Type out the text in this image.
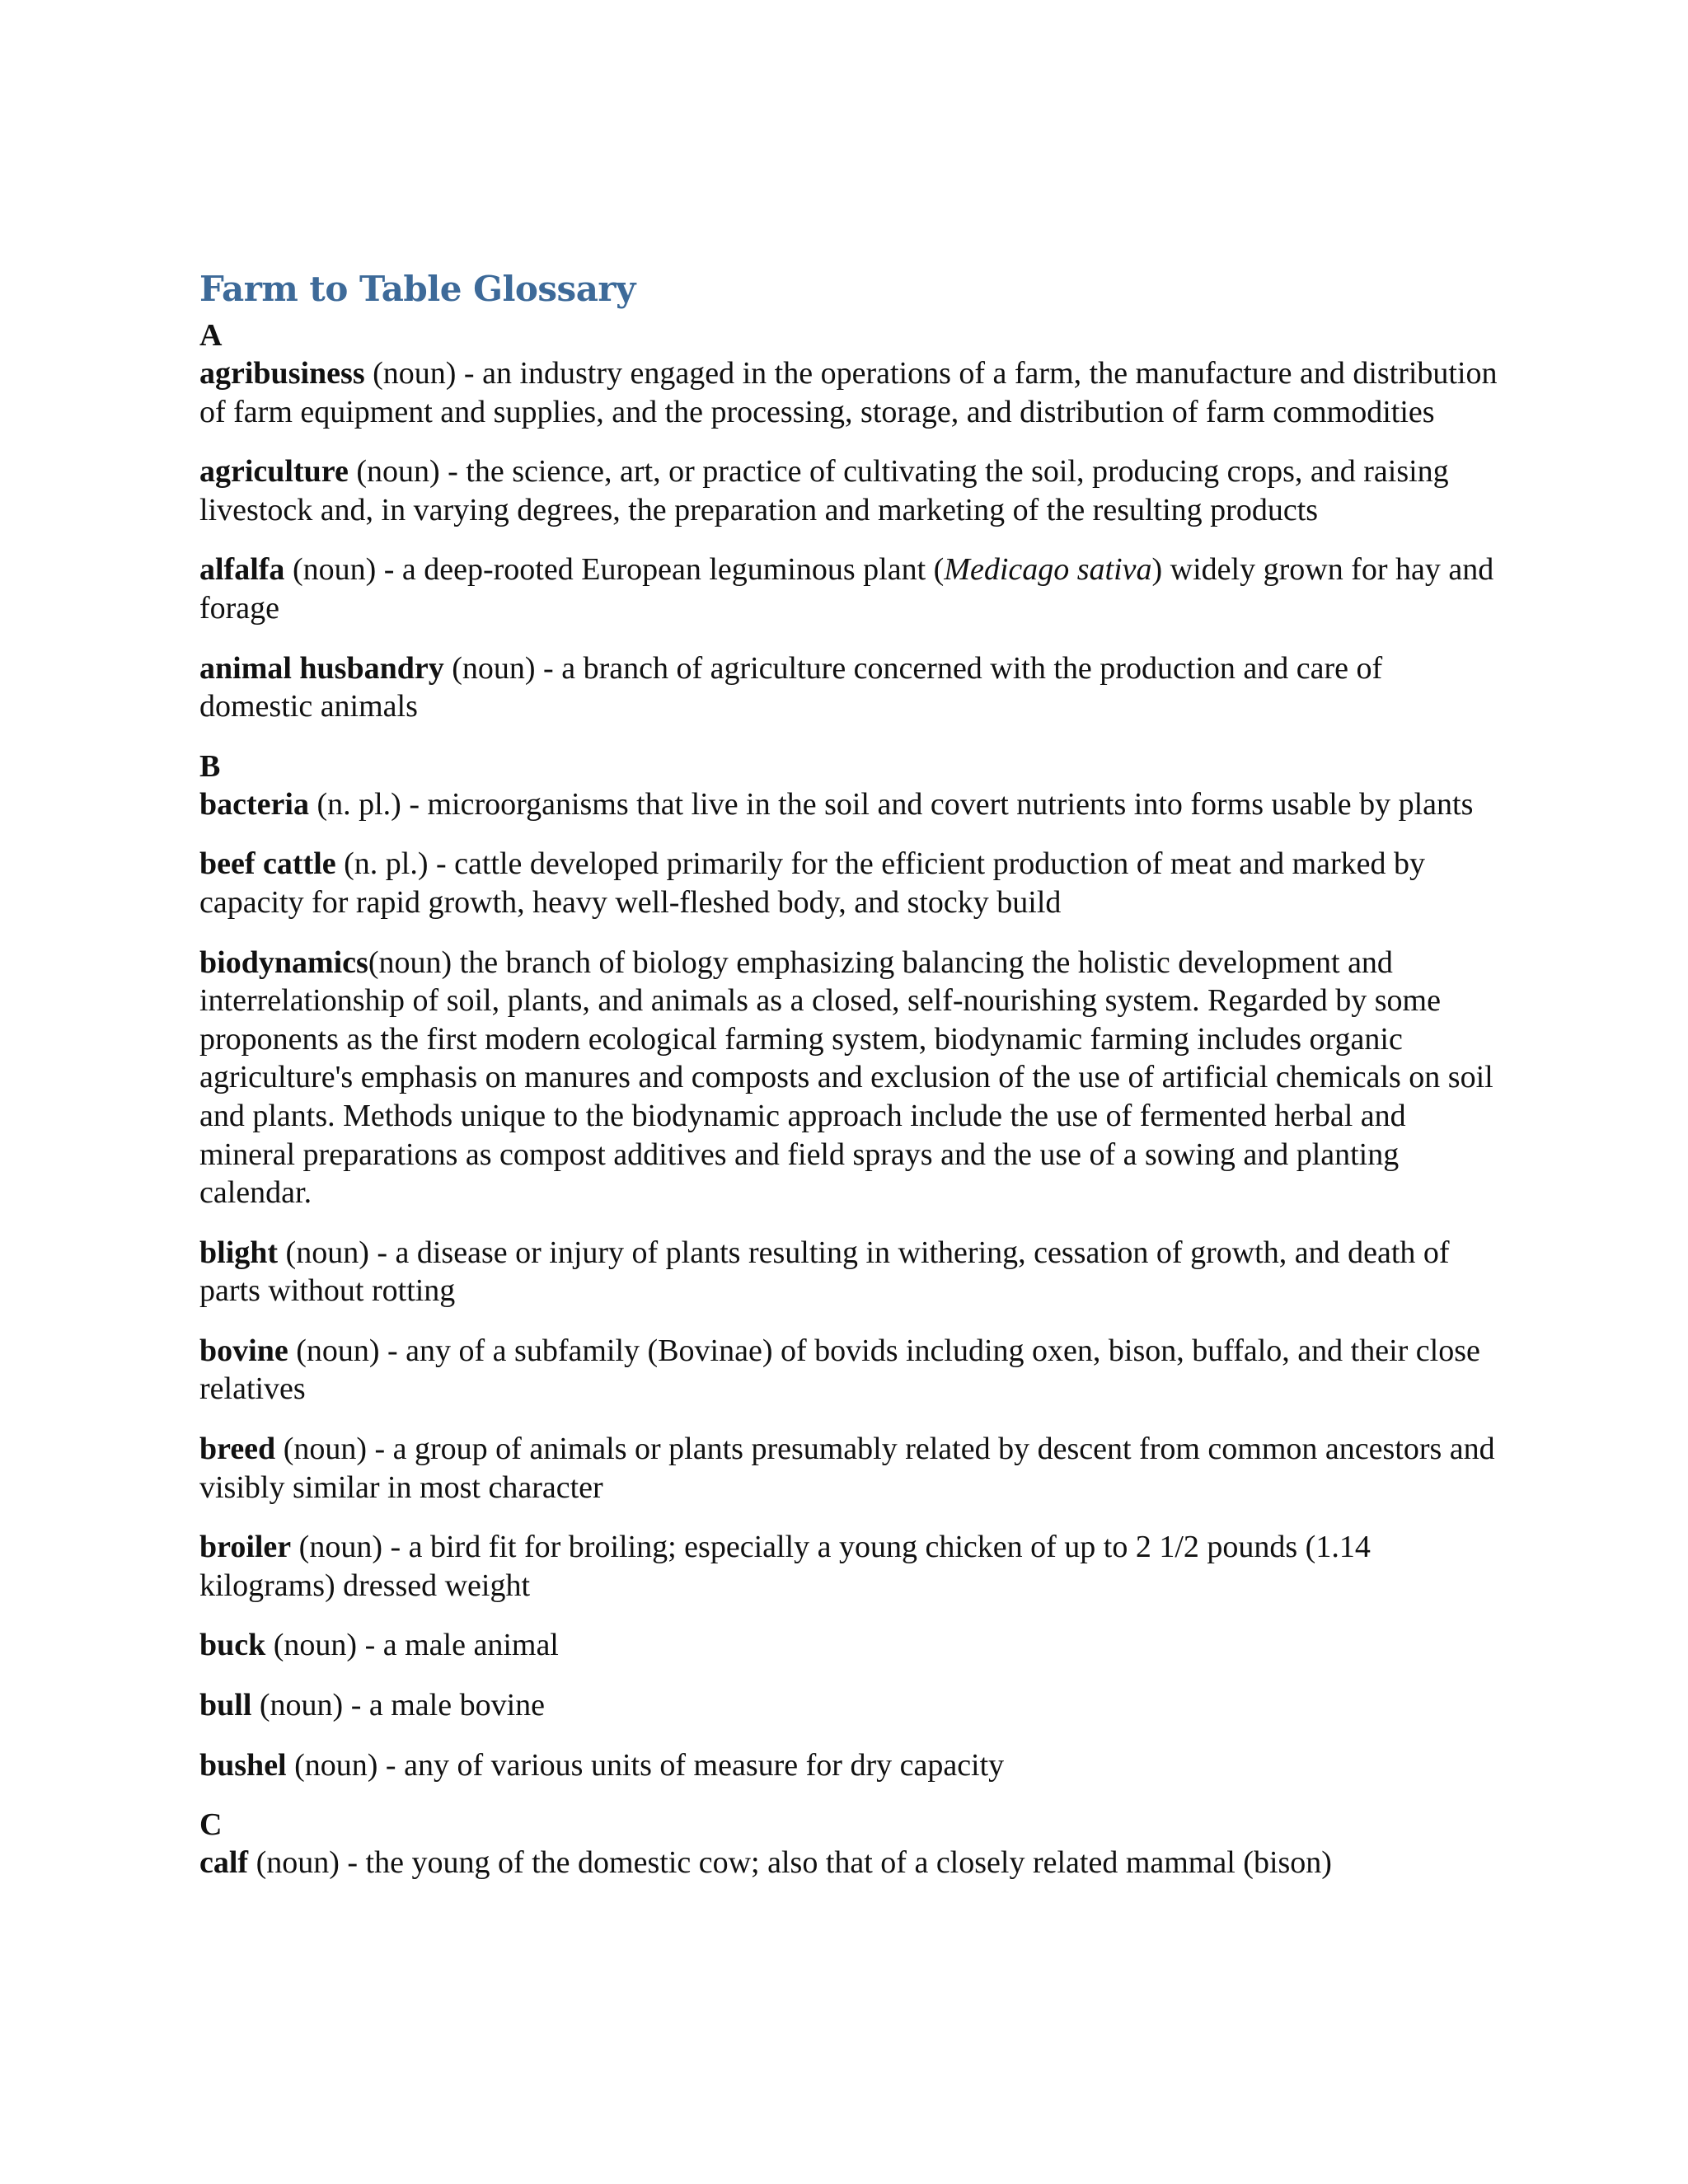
Farm to Table Glossary

A

agribusiness (noun) - an industry engaged in the operations of a farm, the manufacture and distribution of farm equipment and supplies, and the processing, storage, and distribution of farm commodities

agriculture (noun) - the science, art, or practice of cultivating the soil, producing crops, and raising livestock and, in varying degrees, the preparation and marketing of the resulting products

alfalfa (noun) - a deep-rooted European leguminous plant (Medicago sativa) widely grown for hay and forage

animal husbandry (noun) - a branch of agriculture concerned with the production and care of domestic animals

B

bacteria (n. pl.) - microorganisms that live in the soil and covert nutrients into forms usable by plants

beef cattle (n. pl.) - cattle developed primarily for the efficient production of meat and marked by capacity for rapid growth, heavy well-fleshed body, and stocky build

biodynamics(noun) the branch of biology emphasizing balancing the holistic development and interrelationship of soil, plants, and animals as a closed, self-nourishing system. Regarded by some proponents as the first modern ecological farming system, biodynamic farming includes organic agriculture's emphasis on manures and composts and exclusion of the use of artificial chemicals on soil and plants. Methods unique to the biodynamic approach include the use of fermented herbal and mineral preparations as compost additives and field sprays and the use of a sowing and planting calendar.

blight (noun) - a disease or injury of plants resulting in withering, cessation of growth, and death of parts without rotting

bovine (noun) - any of a subfamily (Bovinae) of bovids including oxen, bison, buffalo, and their close relatives

breed (noun) - a group of animals or plants presumably related by descent from common ancestors and visibly similar in most character

broiler (noun) - a bird fit for broiling; especially a young chicken of up to 2 1/2 pounds (1.14 kilograms) dressed weight

buck (noun) - a male animal

bull (noun) - a male bovine

bushel (noun) - any of various units of measure for dry capacity

C

calf (noun) - the young of the domestic cow; also that of a closely related mammal (bison)
